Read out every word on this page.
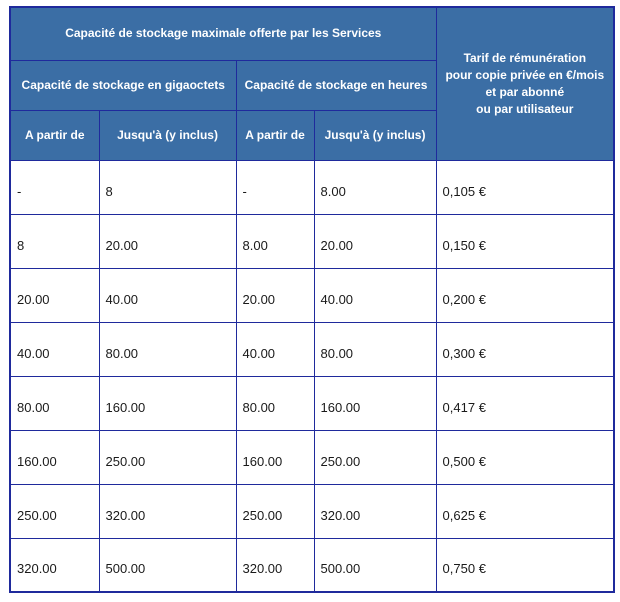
Capacité de stockage maximale offerte par les Services				Tarif de rémunération
pour copie privée en €/mois
et par abonné
ou par utilisateur

Capacité de stockage en gigaoctets		Capacité de stockage en heures		
A partir de	Jusqu'à (y inclus)	A partir de	Jusqu'à (y inclus)	
-	8	-	8.00	0,105 €
8	20.00	8.00	20.00	0,150 €
20.00	40.00	20.00	40.00	0,200 €
40.00	80.00	40.00	80.00	0,300 €
80.00	160.00	80.00	160.00	0,417 €
160.00	250.00	160.00	250.00	0,500 €
250.00	320.00	250.00	320.00	0,625 €
320.00	500.00	320.00	500.00	0,750 €
